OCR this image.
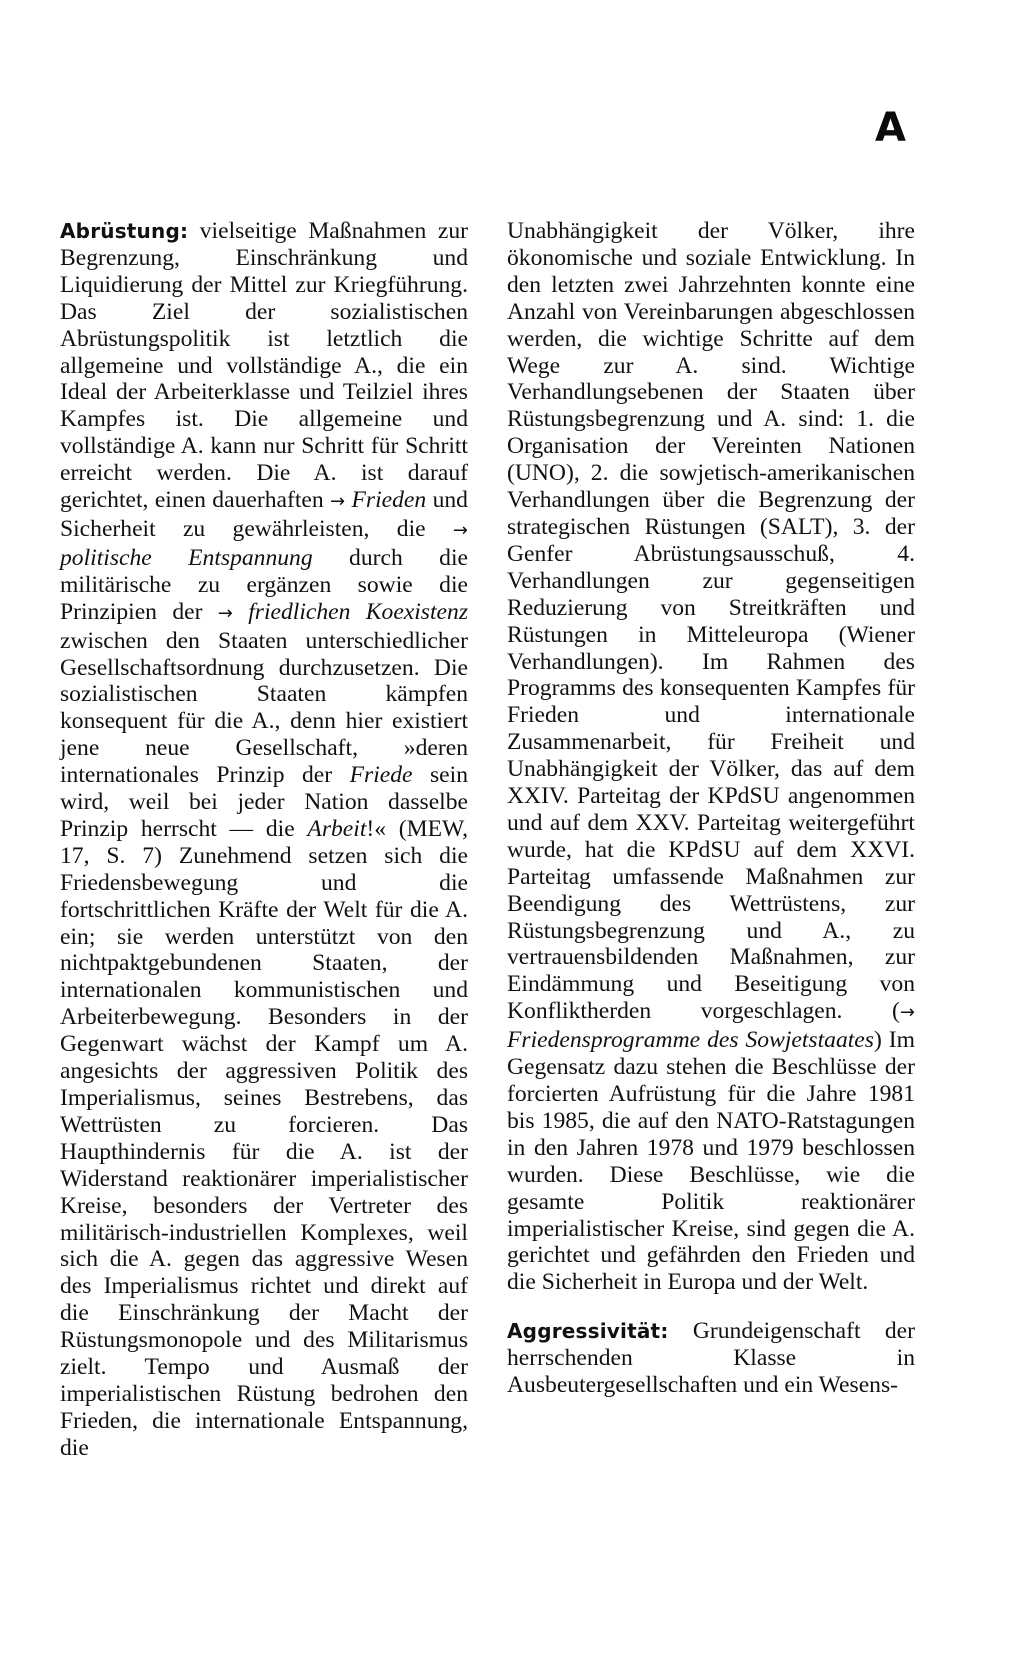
A

Abrüstung: vielseitige Maßnahmen zur Begrenzung, Einschränkung und Liquidierung der Mittel zur Kriegführung. Das Ziel der sozialistischen Abrüstungspolitik ist letztlich die allgemeine und vollständige A., die ein Ideal der Arbeiterklasse und Teilziel ihres Kampfes ist. Die allgemeine und vollständige A. kann nur Schritt für Schritt erreicht werden. Die A. ist darauf gerichtet, einen dauerhaften → Frieden und Sicherheit zu gewährleisten, die → politische Entspannung durch die militärische zu ergänzen sowie die Prinzipien der → friedlichen Koexistenz zwischen den Staaten unterschiedlicher Gesellschaftsordnung durchzusetzen. Die sozialistischen Staaten kämpfen konsequent für die A., denn hier existiert jene neue Gesellschaft, »deren internationales Prinzip der Friede sein wird, weil bei jeder Nation dasselbe Prinzip herrscht — die Arbeit!« (MEW, 17, S. 7) Zunehmend setzen sich die Friedensbewegung und die fortschrittlichen Kräfte der Welt für die A. ein; sie werden unterstützt von den nichtpaktgebundenen Staaten, der internationalen kommunistischen und Arbeiterbewegung. Besonders in der Gegenwart wächst der Kampf um A. angesichts der aggressiven Politik des Imperialismus, seines Bestrebens, das Wettrüsten zu forcieren. Das Haupthindernis für die A. ist der Widerstand reaktionärer imperialistischer Kreise, besonders der Vertreter des militärisch-industriellen Komplexes, weil sich die A. gegen das aggressive Wesen des Imperialismus richtet und direkt auf die Einschränkung der Macht der Rüstungsmonopole und des Militarismus zielt. Tempo und Ausmaß der imperialistischen Rüstung bedrohen den Frieden, die internationale Entspannung, die

Unabhängigkeit der Völker, ihre ökonomische und soziale Entwicklung. In den letzten zwei Jahrzehnten konnte eine Anzahl von Vereinbarungen abgeschlossen werden, die wichtige Schritte auf dem Wege zur A. sind. Wichtige Verhandlungsebenen der Staaten über Rüstungsbegrenzung und A. sind: 1. die Organisation der Vereinten Nationen (UNO), 2. die sowjetisch-amerikanischen Verhandlungen über die Begrenzung der strategischen Rüstungen (SALT), 3. der Genfer Abrüstungsausschuß, 4. Verhandlungen zur gegenseitigen Reduzierung von Streitkräften und Rüstungen in Mitteleuropa (Wiener Verhandlungen). Im Rahmen des Programms des konsequenten Kampfes für Frieden und internationale Zusammenarbeit, für Freiheit und Unabhängigkeit der Völker, das auf dem XXIV. Parteitag der KPdSU angenommen und auf dem XXV. Parteitag weitergeführt wurde, hat die KPdSU auf dem XXVI. Parteitag umfassende Maßnahmen zur Beendigung des Wettrüstens, zur Rüstungsbegrenzung und A., zu vertrauensbildenden Maßnahmen, zur Eindämmung und Beseitigung von Konfliktherden vorgeschlagen. (→ Friedensprogramme des Sowjetstaates) Im Gegensatz dazu stehen die Beschlüsse der forcierten Aufrüstung für die Jahre 1981 bis 1985, die auf den NATO-Ratstagungen in den Jahren 1978 und 1979 beschlossen wurden. Diese Beschlüsse, wie die gesamte Politik reaktionärer imperialistischer Kreise, sind gegen die A. gerichtet und gefährden den Frieden und die Sicherheit in Europa und der Welt.

Aggressivität: Grundeigenschaft der herrschenden Klasse in Ausbeutergesellschaften und ein Wesens-
